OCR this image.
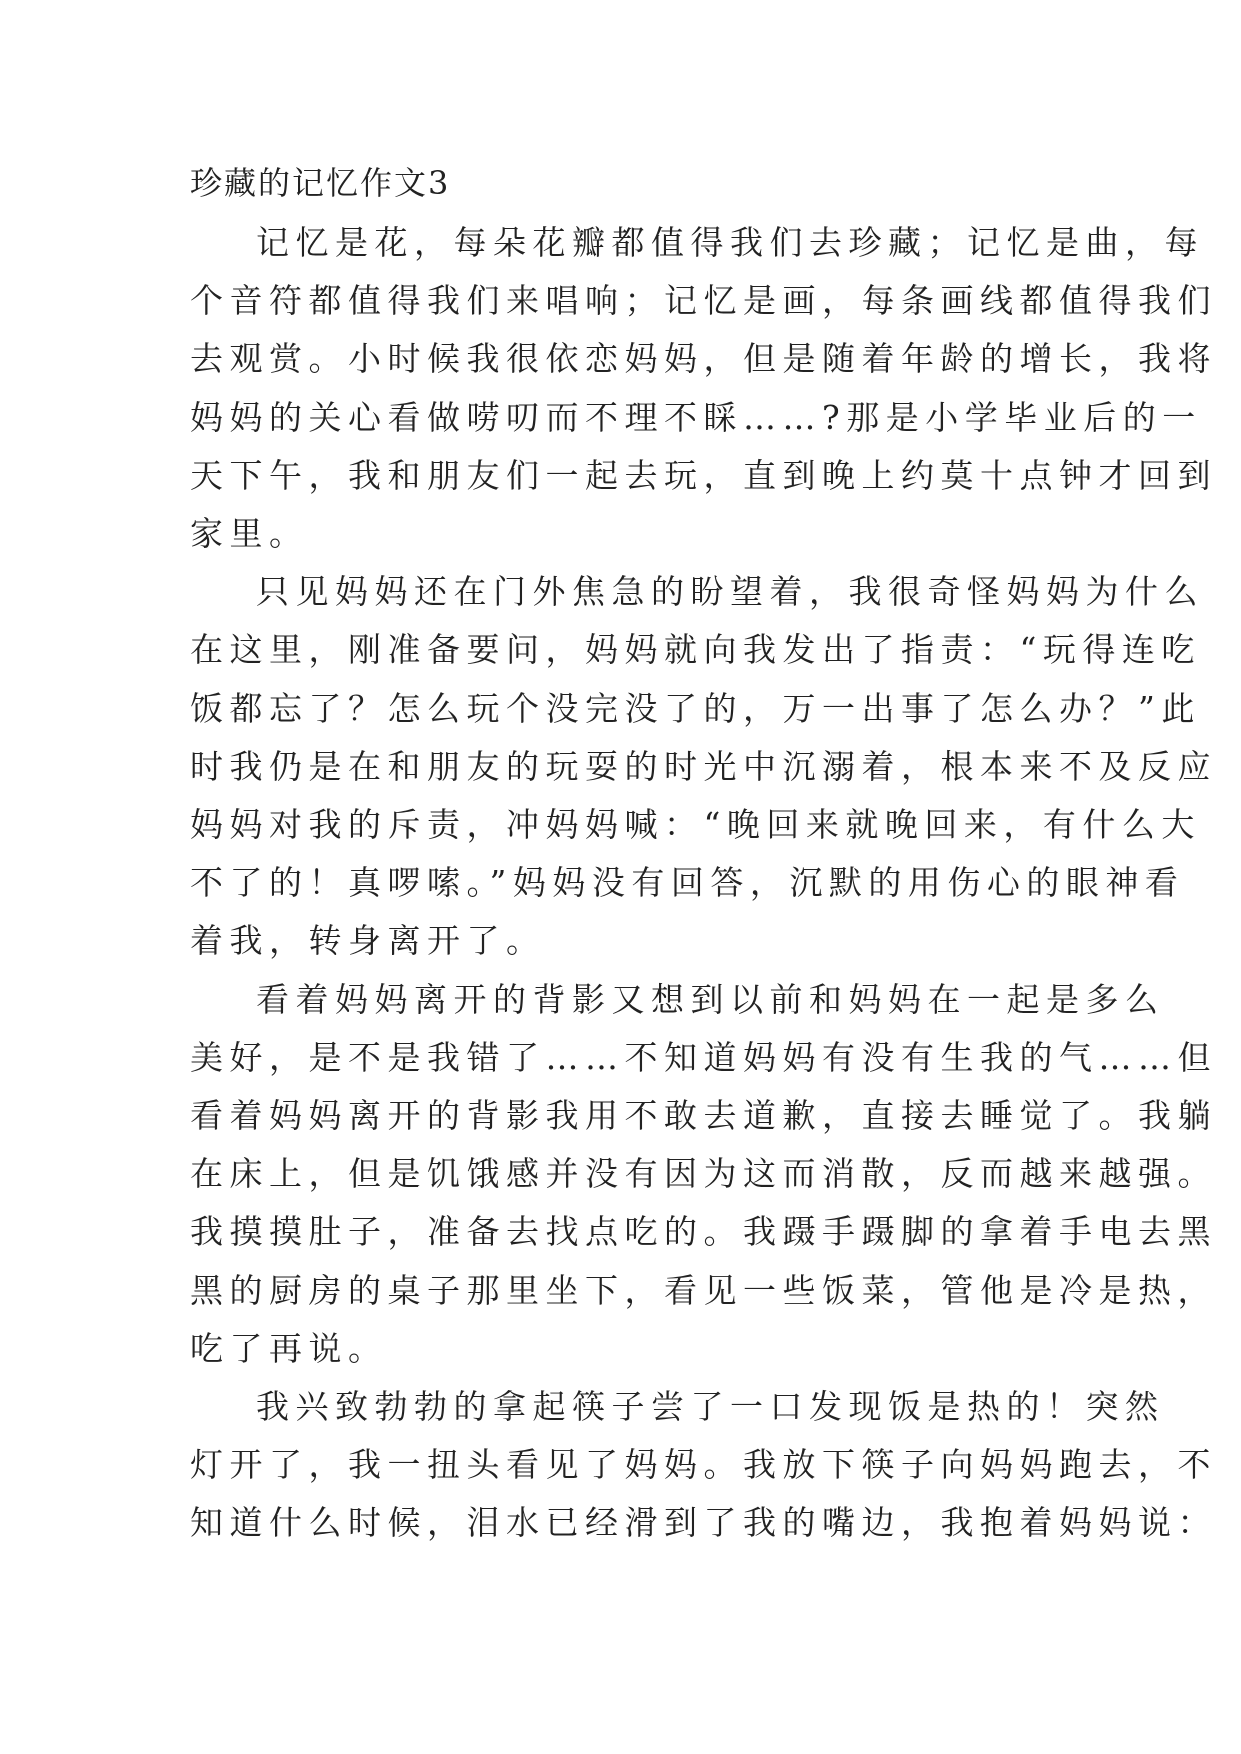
珍藏的记忆作文3
记忆是花，每朵花瓣都值得我们去珍藏；记忆是曲，每
个音符都值得我们来唱响；记忆是画，每条画线都值得我们
去观赏。小时候我很依恋妈妈，但是随着年龄的增长，我将
妈妈的关心看做唠叨而不理不睬……?那是小学毕业后的一
天下午，我和朋友们一起去玩，直到晚上约莫十点钟才回到
家里。
只见妈妈还在门外焦急的盼望着，我很奇怪妈妈为什么
在这里，刚准备要问，妈妈就向我发出了指责：“玩得连吃
饭都忘了？怎么玩个没完没了的，万一出事了怎么办？”此
时我仍是在和朋友的玩耍的时光中沉溺着，根本来不及反应
妈妈对我的斥责，冲妈妈喊：“晚回来就晚回来，有什么大
不了的！真啰嗦。”妈妈没有回答，沉默的用伤心的眼神看
着我，转身离开了。
看着妈妈离开的背影又想到以前和妈妈在一起是多么
美好，是不是我错了……不知道妈妈有没有生我的气……但
看着妈妈离开的背影我用不敢去道歉，直接去睡觉了。我躺
在床上，但是饥饿感并没有因为这而消散，反而越来越强。
我摸摸肚子，准备去找点吃的。我蹑手蹑脚的拿着手电去黑
黑的厨房的桌子那里坐下，看见一些饭菜，管他是冷是热，
吃了再说。
我兴致勃勃的拿起筷子尝了一口发现饭是热的！突然
灯开了，我一扭头看见了妈妈。我放下筷子向妈妈跑去，不
知道什么时候，泪水已经滑到了我的嘴边，我抱着妈妈说：
